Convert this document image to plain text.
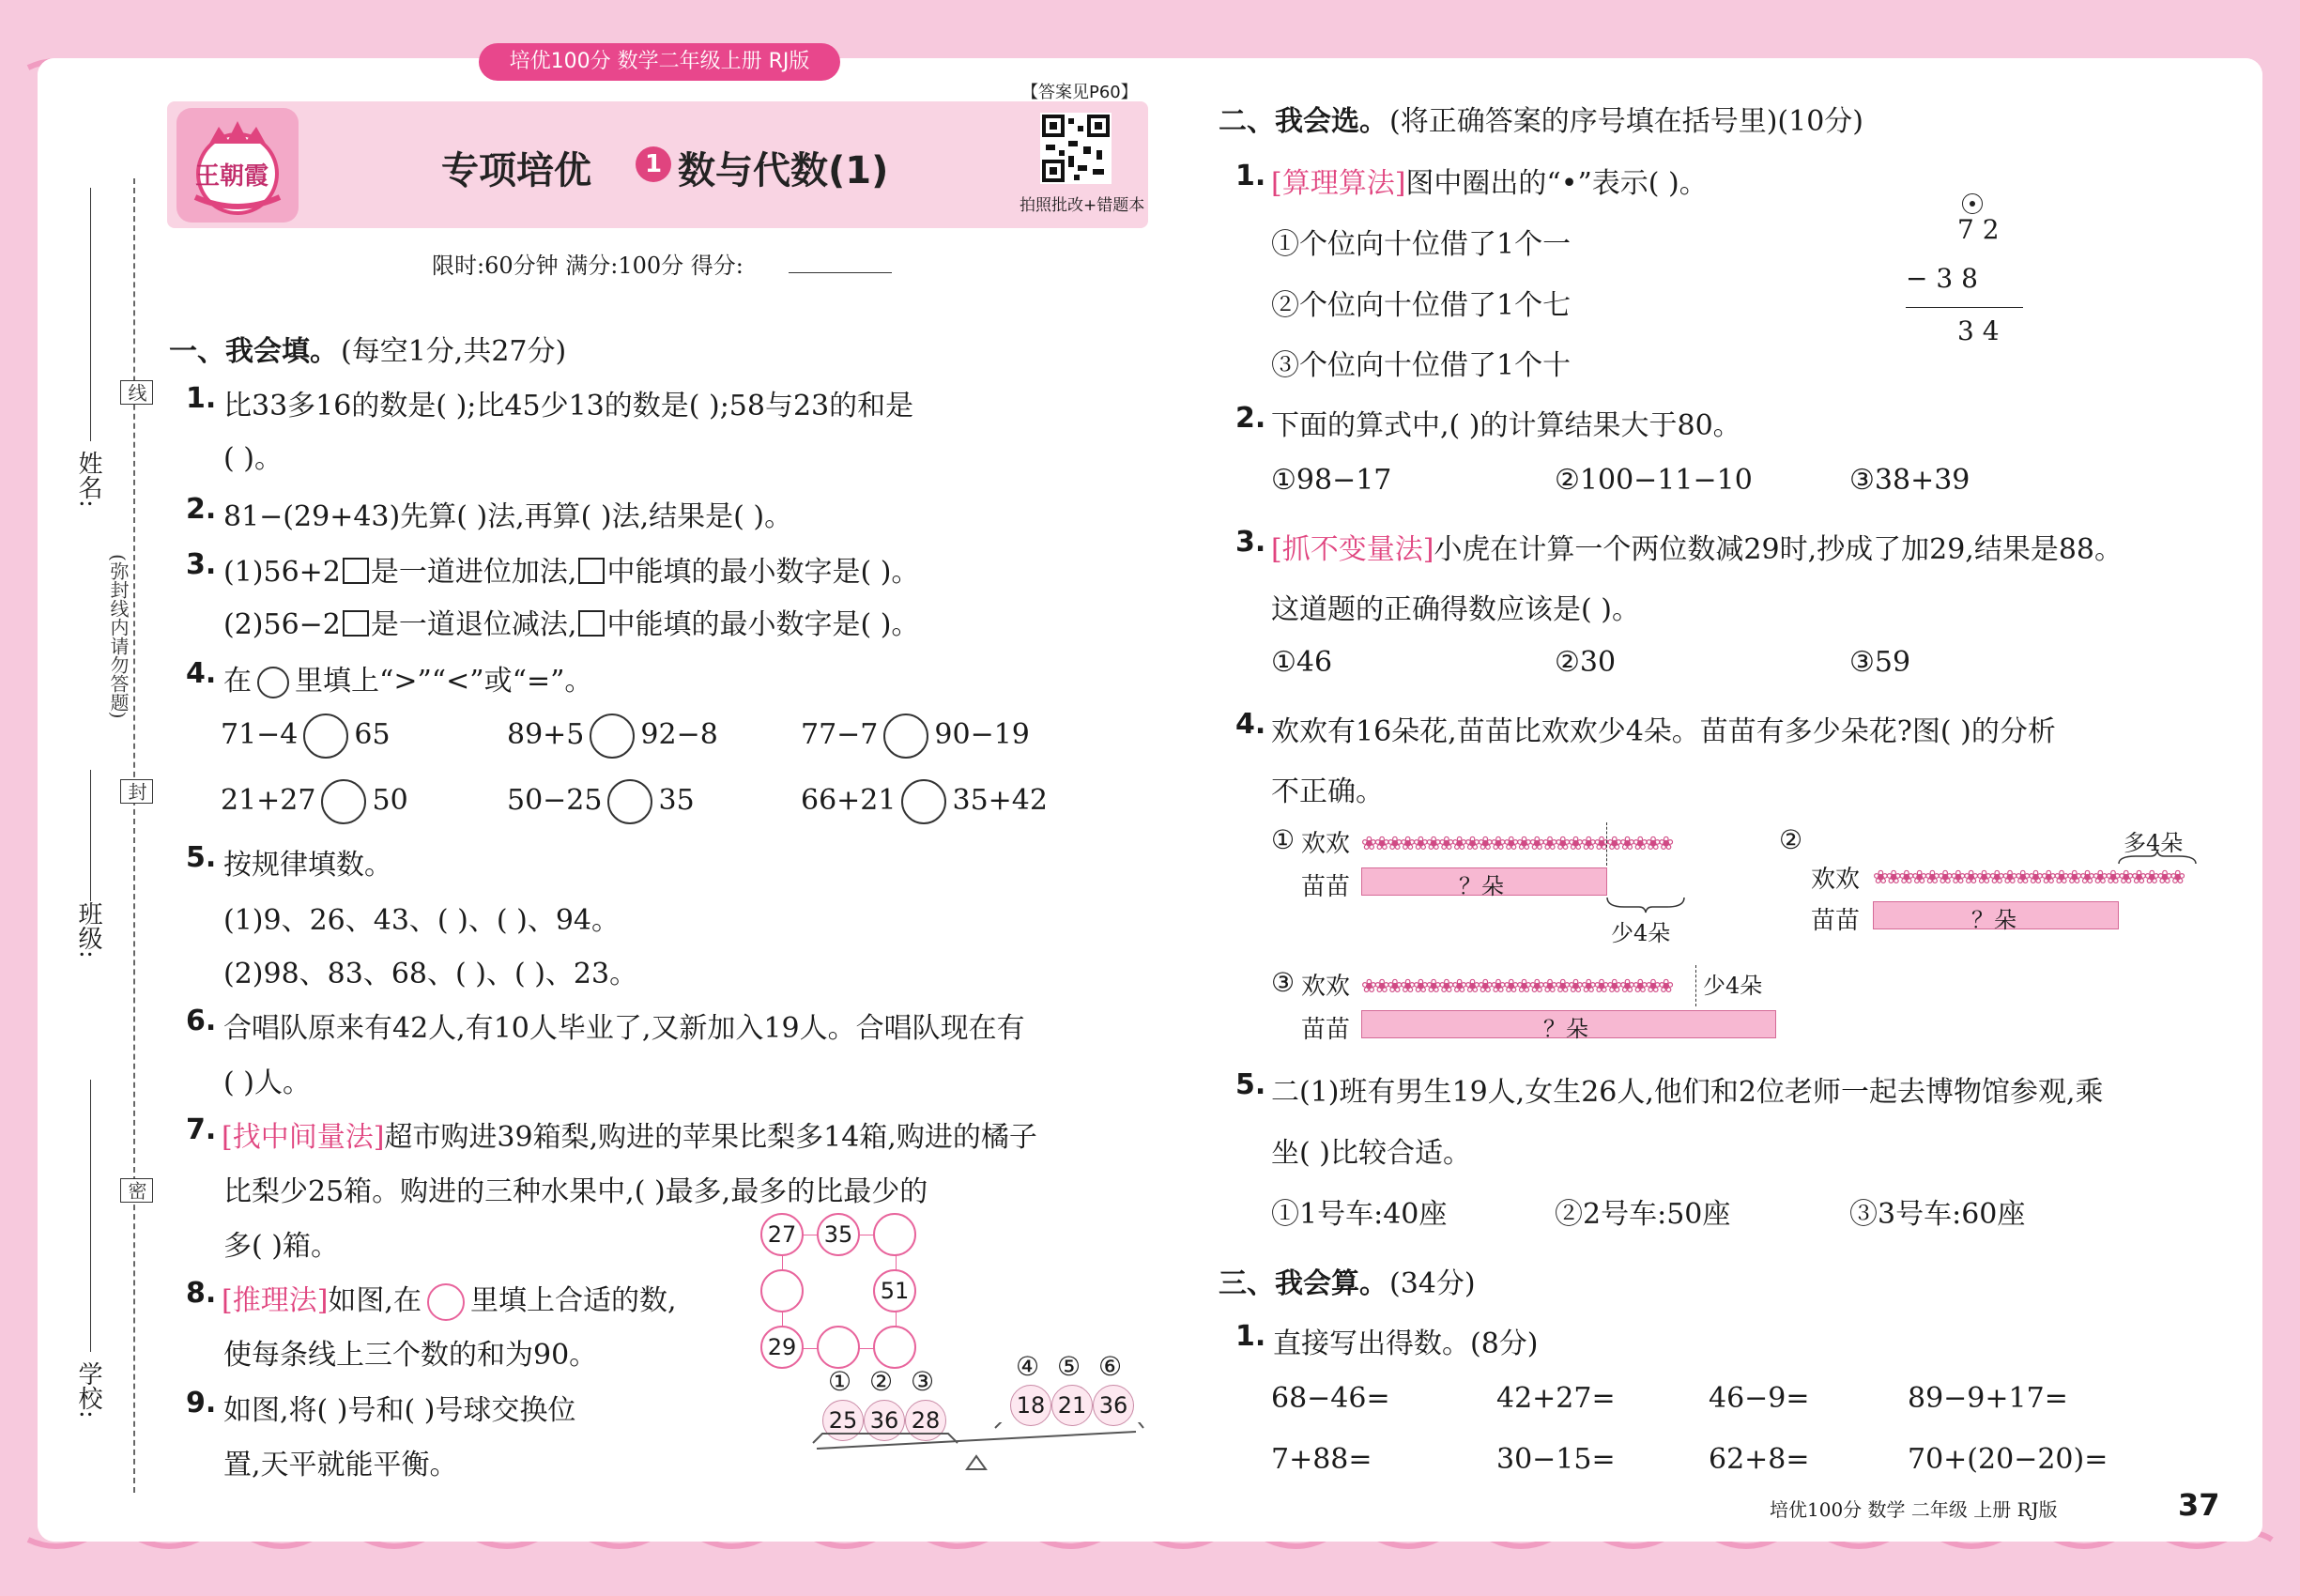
培优100分 数学二年级上册 RJ版
姓名:
线
(弥封线内请勿答题)
封
班级:
密
学校:
王朝霞	专项培优	1 数与代数(1)
【答案见P60】
拍照批改+错题本
限时:60分钟 满分:100分 得分:
一、我会填。 (每空1分,共27分)
1. 比33多16的数是( );比45少13的数是( );58与23的和是
( )。
2. 81−(29+43)先算( )法,再算( )法,结果是( )。
3. (1)56+2 是一道进位加法, 中能填的最小数字是( )。
(2)56−2 是一道退位减法, 中能填的最小数字是( )。
4. 在 里填上“>”“<”或“=”。
71−4 65	89+5 92−8	77−7 90−19
21+27 50	50−25 35	66+21 35+42
5. 按规律填数。
(1)9、26、43、( )、( )、94。
(2)98、83、68、( )、( )、23。
6. 合唱队原来有42人,有10人毕业了,又新加入19人。合唱队现在有
( )人。
7. [找中间量法]超市购进39箱梨,购进的苹果比梨多14箱,购进的橘子
比梨少25箱。购进的三种水果中,( )最多,最多的比最少的
多( )箱。
8. [推理法]如图,在 里填上合适的数,
使每条线上三个数的和为90。
27	35
51
29
9. 如图,将( )号和( )号球交换位
置,天平就能平衡。
① ② ③
25 36 28
④ ⑤ ⑥
18 21 36
二、我会选。 (将正确答案的序号填在括号里)(10分)
1. [算理算法]图中圈出的“•”表示( )。
①个位向十位借了1个一
②个位向十位借了1个七
③个位向十位借了1个十
7 2
− 3 8
3 4
2. 下面的算式中,( )的计算结果大于80。
①98−17	②100−11−10	③38+39
3. [抓不变量法]小虎在计算一个两位数减29时,抄成了加29,结果是88。
这道题的正确得数应该是( )。
①46	②30	③59
4. 欢欢有16朵花,苗苗比欢欢少4朵。苗苗有多少朵花?图( )的分析
不正确。
① 欢欢 ❀❀❀❀❀❀❀❀❀❀❀❀❀❀❀❀❀❀❀❀❀❀❀❀
苗苗	？朵
少4朵
②	多4朵
欢欢 ❀❀❀❀❀❀❀❀❀❀❀❀❀❀❀❀❀❀❀❀❀❀❀❀
苗苗	？朵
③ 欢欢 ❀❀❀❀❀❀❀❀❀❀❀❀❀❀❀❀❀❀❀❀❀❀❀❀	少4朵
苗苗	？朵
5. 二(1)班有男生19人,女生26人,他们和2位老师一起去博物馆参观,乘
坐( )比较合适。
①1号车:40座	②2号车:50座	③3号车:60座
三、我会算。 (34分)
1. 直接写出得数。(8分)
68−46=	42+27=	46−9=	89−9+17=
7+88=	30−15=	62+8=	70+(20−20)=
培优100分 数学 二年级 上册 RJ版	37
